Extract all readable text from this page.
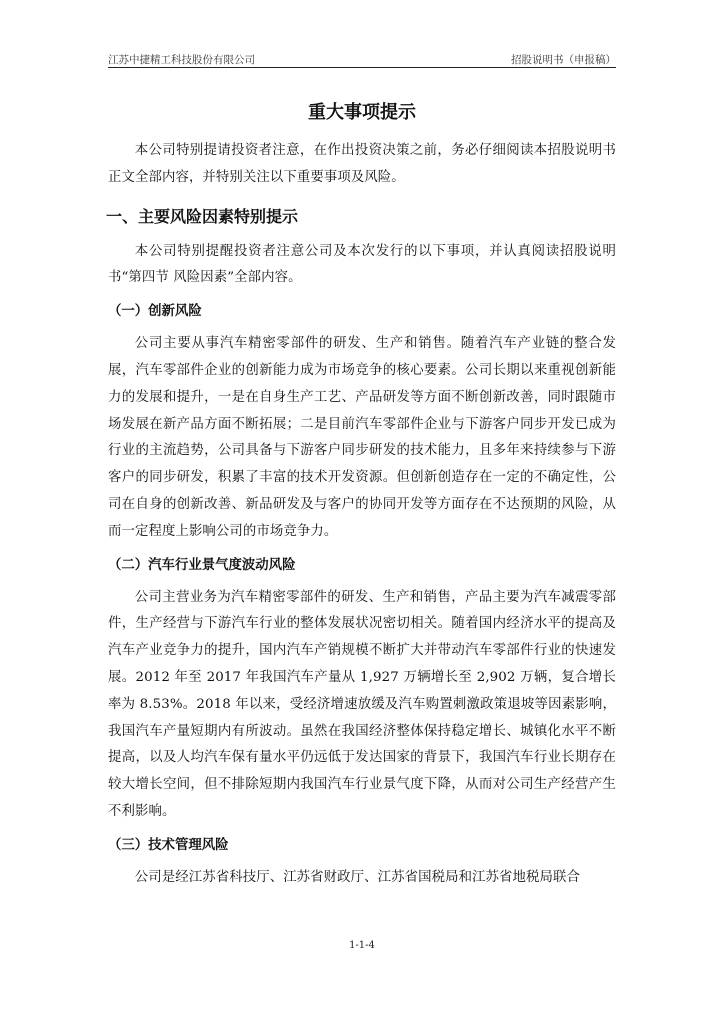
江苏中捷精工科技股份有限公司	招股说明书（申报稿）
重大事项提示

本公司特别提请投资者注意，在作出投资决策之前，务必仔细阅读本招股说明书正文全部内容，并特别关注以下重要事项及风险。

一、主要风险因素特别提示

本公司特别提醒投资者注意公司及本次发行的以下事项，并认真阅读招股说明书“第四节 风险因素”全部内容。

（一）创新风险

公司主要从事汽车精密零部件的研发、生产和销售。随着汽车产业链的整合发展，汽车零部件企业的创新能力成为市场竞争的核心要素。公司长期以来重视创新能力的发展和提升，一是在自身生产工艺、产品研发等方面不断创新改善，同时跟随市场发展在新产品方面不断拓展；二是目前汽车零部件企业与下游客户同步开发已成为行业的主流趋势，公司具备与下游客户同步研发的技术能力，且多年来持续参与下游客户的同步研发，积累了丰富的技术开发资源。但创新创造存在一定的不确定性，公司在自身的创新改善、新品研发及与客户的协同开发等方面存在不达预期的风险，从而一定程度上影响公司的市场竞争力。

（二）汽车行业景气度波动风险

公司主营业务为汽车精密零部件的研发、生产和销售，产品主要为汽车减震零部件，生产经营与下游汽车行业的整体发展状况密切相关。随着国内经济水平的提高及汽车产业竞争力的提升，国内汽车产销规模不断扩大并带动汽车零部件行业的快速发展。2012 年至 2017 年我国汽车产量从 1,927 万辆增长至 2,902 万辆，复合增长率为 8.53%。2018 年以来，受经济增速放缓及汽车购置刺激政策退坡等因素影响，我国汽车产量短期内有所波动。虽然在我国经济整体保持稳定增长、城镇化水平不断提高，以及人均汽车保有量水平仍远低于发达国家的背景下，我国汽车行业长期存在较大增长空间，但不排除短期内我国汽车行业景气度下降，从而对公司生产经营产生不利影响。

（三）技术管理风险

公司是经江苏省科技厅、江苏省财政厅、江苏省国税局和江苏省地税局联合

1-1-4
